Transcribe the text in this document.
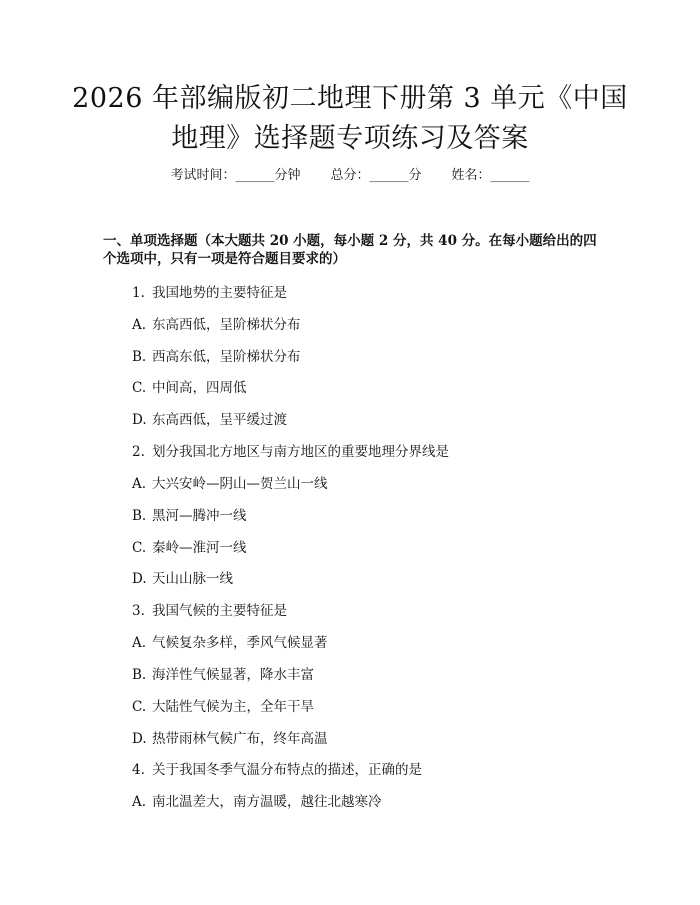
2026 年部编版初二地理下册第 3 单元《中国
地理》选择题专项练习及答案
考试时间：______分钟 总分：______分 姓名：______
一、单项选择题（本大题共 20 小题，每小题 2 分，共 40 分。在每小题给出的四
个选项中，只有一项是符合题目要求的）
1. 我国地势的主要特征是
A. 东高西低，呈阶梯状分布
B. 西高东低，呈阶梯状分布
C. 中间高，四周低
D. 东高西低，呈平缓过渡
2. 划分我国北方地区与南方地区的重要地理分界线是
A. 大兴安岭—阴山—贺兰山一线
B. 黑河—腾冲一线
C. 秦岭—淮河一线
D. 天山山脉一线
3. 我国气候的主要特征是
A. 气候复杂多样，季风气候显著
B. 海洋性气候显著，降水丰富
C. 大陆性气候为主，全年干旱
D. 热带雨林气候广布，终年高温
4. 关于我国冬季气温分布特点的描述，正确的是
A. 南北温差大，南方温暖，越往北越寒冷
